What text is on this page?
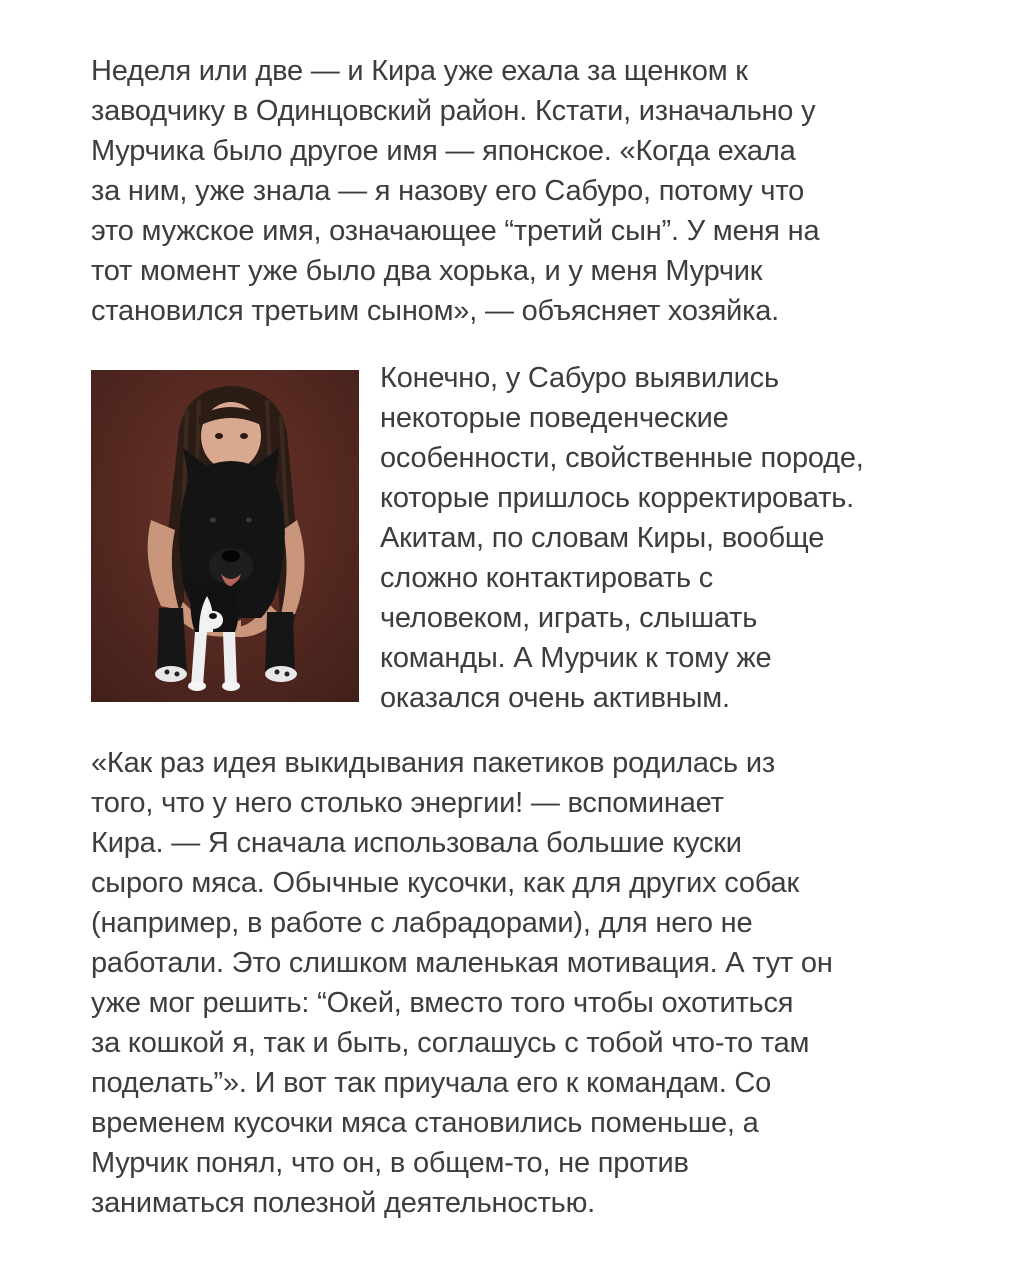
Неделя или две — и Кира уже ехала за щенком к
заводчику в Одинцовский район. Кстати, изначально у
Мурчика было другое имя — японское. «Когда ехала
за ним, уже знала — я назову его Сабуро, потому что
это мужское имя, означающее “третий сын”. У меня на
тот момент уже было два хорька, и у меня Мурчик
становился третьим сыном», — объясняет хозяйка.
Конечно, у Сабуро выявились
некоторые поведенческие
особенности, свойственные породе,
которые пришлось корректировать.
Акитам, по словам Киры, вообще
сложно контактировать с
человеком, играть, слышать
команды. А Мурчик к тому же
оказался очень активным.
«Как раз идея выкидывания пакетиков родилась из
того, что у него столько энергии! — вспоминает
Кира. — Я сначала использовала большие куски
сырого мяса. Обычные кусочки, как для других собак
(например, в работе с лабрадорами), для него не
работали. Это слишком маленькая мотивация. А тут он
уже мог решить: “Окей, вместо того чтобы охотиться
за кошкой я, так и быть, соглашусь с тобой что-то там
поделать”». И вот так приучала его к командам. Со
временем кусочки мяса становились поменьше, а
Мурчик понял, что он, в общем-то, не против
заниматься полезной деятельностью.
